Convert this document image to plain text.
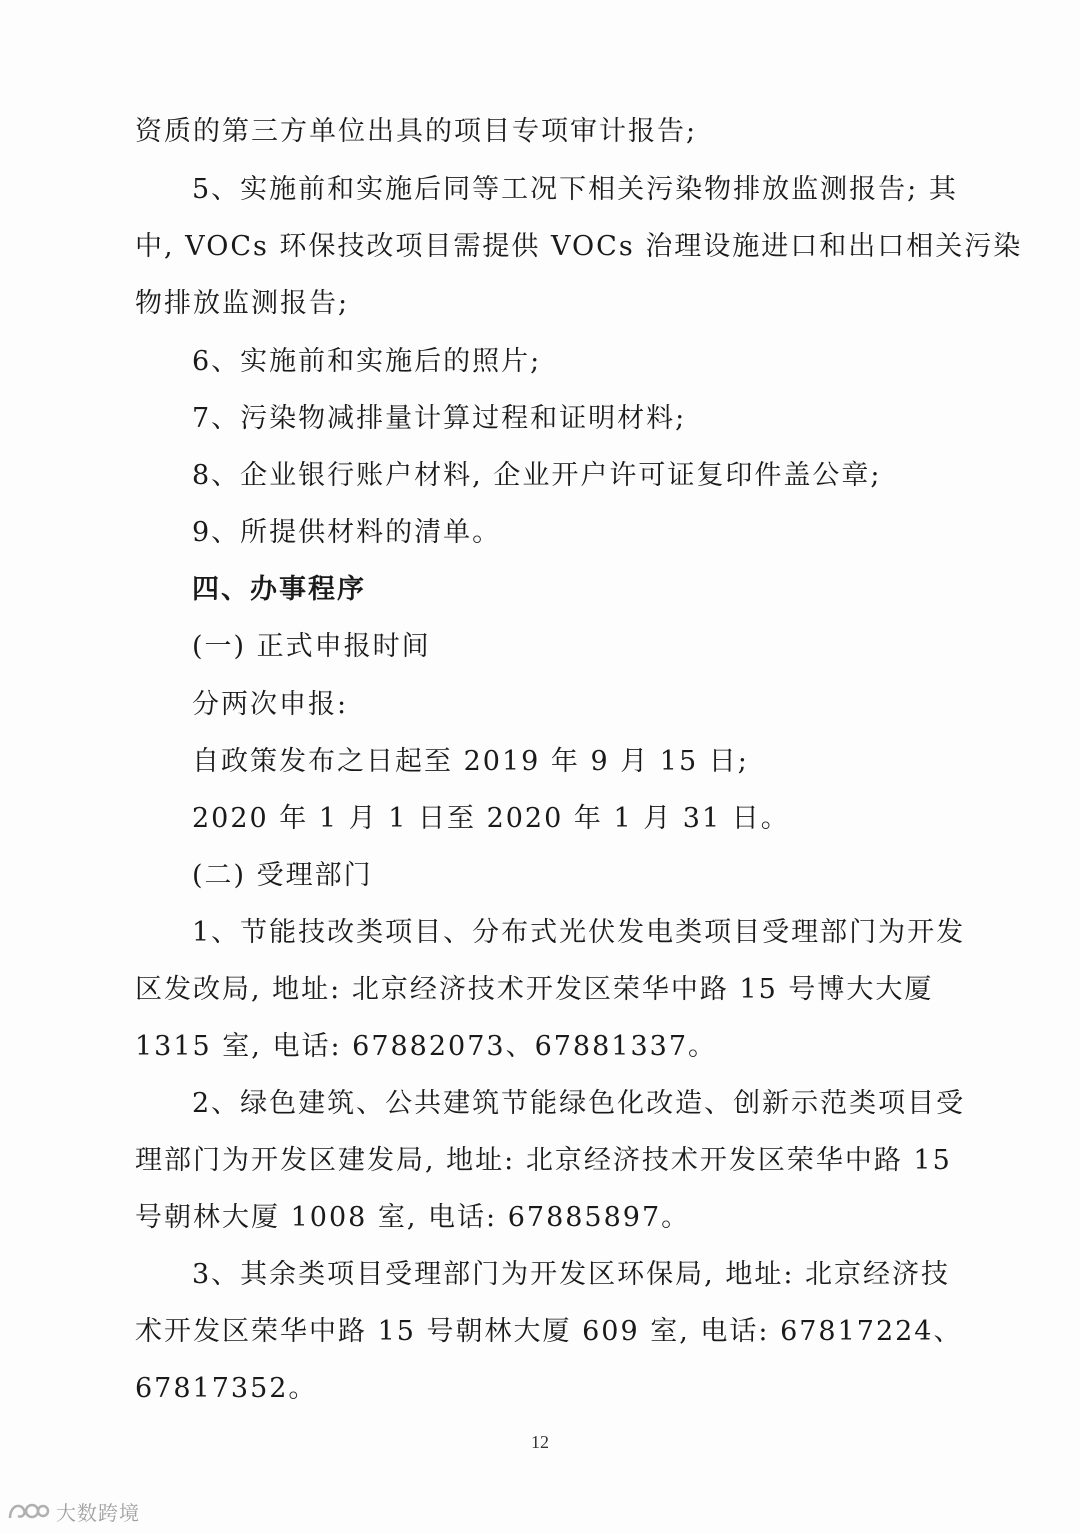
资质的第三方单位出具的项目专项审计报告;
5、实施前和实施后同等工况下相关污染物排放监测报告; 其
中, VOCs 环保技改项目需提供 VOCs 治理设施进口和出口相关污染
物排放监测报告;
6、实施前和实施后的照片;
7、污染物减排量计算过程和证明材料;
8、企业银行账户材料, 企业开户许可证复印件盖公章;
9、所提供材料的清单。
四、办事程序
(一) 正式申报时间
分两次申报:
自政策发布之日起至 2019 年 9 月 15 日;
2020 年 1 月 1 日至 2020 年 1 月 31 日。
(二) 受理部门
1、节能技改类项目、分布式光伏发电类项目受理部门为开发
区发改局, 地址: 北京经济技术开发区荣华中路 15 号博大大厦
1315 室, 电话: 67882073、67881337。
2、绿色建筑、公共建筑节能绿色化改造、创新示范类项目受
理部门为开发区建发局, 地址: 北京经济技术开发区荣华中路 15
号朝林大厦 1008 室, 电话: 67885897。
3、其余类项目受理部门为开发区环保局, 地址: 北京经济技
术开发区荣华中路 15 号朝林大厦 609 室, 电话: 67817224、
67817352。
12
大数跨境
